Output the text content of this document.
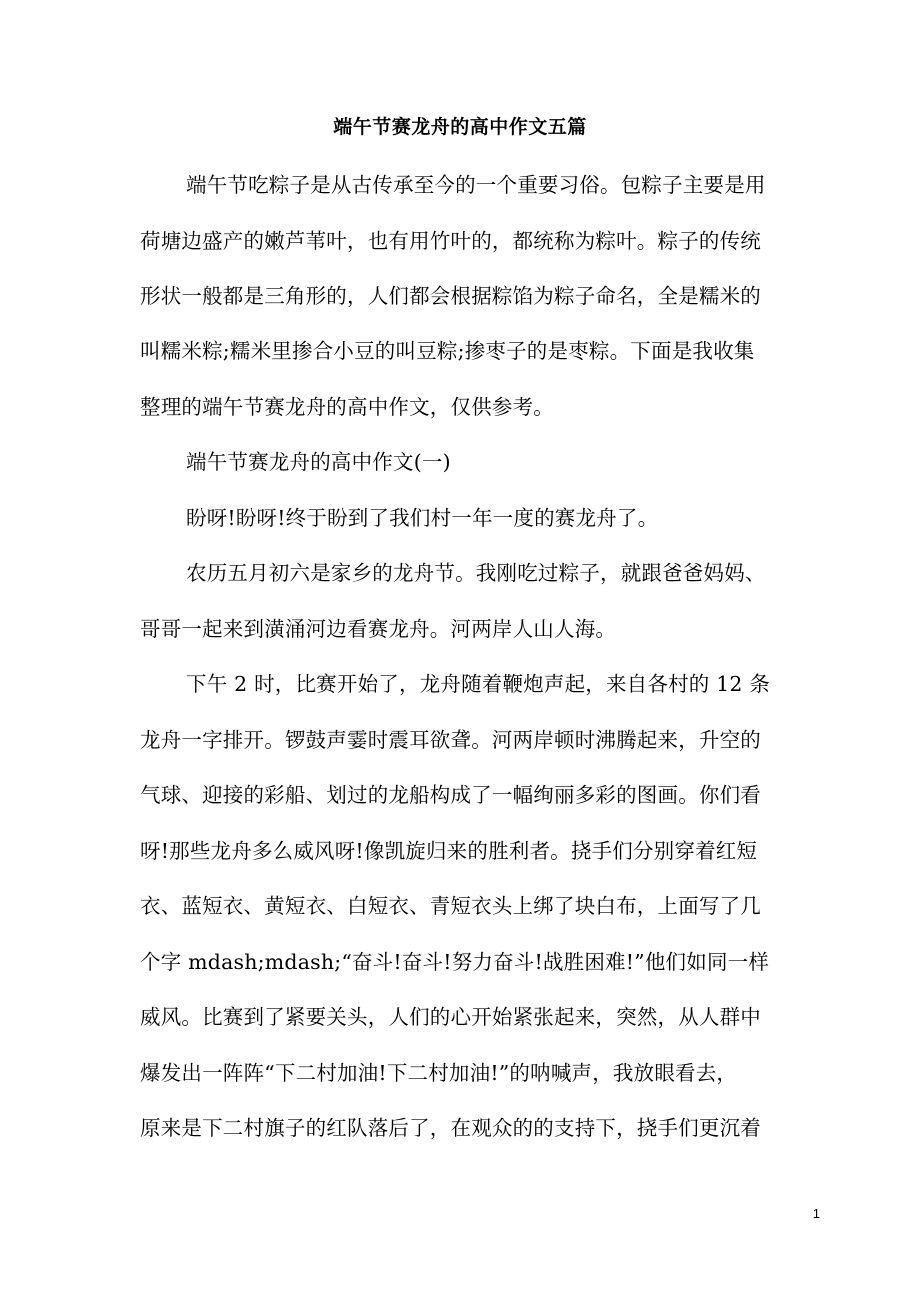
端午节赛龙舟的高中作文五篇
端午节吃粽子是从古传承至今的一个重要习俗。包粽子主要是用
荷塘边盛产的嫩芦苇叶，也有用竹叶的，都统称为粽叶。粽子的传统
形状一般都是三角形的，人们都会根据粽馅为粽子命名，全是糯米的
叫糯米粽;糯米里掺合小豆的叫豆粽;掺枣子的是枣粽。下面是我收集
整理的端午节赛龙舟的高中作文，仅供参考。
端午节赛龙舟的高中作文(一)
盼呀!盼呀!终于盼到了我们村一年一度的赛龙舟了。
农历五月初六是家乡的龙舟节。我刚吃过粽子，就跟爸爸妈妈、
哥哥一起来到潢涌河边看赛龙舟。河两岸人山人海。
下午 2 时，比赛开始了，龙舟随着鞭炮声起，来自各村的 12 条
龙舟一字排开。锣鼓声霎时震耳欲聋。河两岸顿时沸腾起来，升空的
气球、迎接的彩船、划过的龙船构成了一幅绚丽多彩的图画。你们看
呀!那些龙舟多么威风呀!像凯旋归来的胜利者。挠手们分别穿着红短
衣、蓝短衣、黄短衣、白短衣、青短衣头上绑了块白布，上面写了几
个字 mdash;mdash;“奋斗!奋斗!努力奋斗!战胜困难!”他们如同一样
威风。比赛到了紧要关头，人们的心开始紧张起来，突然，从人群中
爆发出一阵阵“下二村加油!下二村加油!”的呐喊声，我放眼看去，
原来是下二村旗子的红队落后了，在观众的的支持下，挠手们更沉着
1
